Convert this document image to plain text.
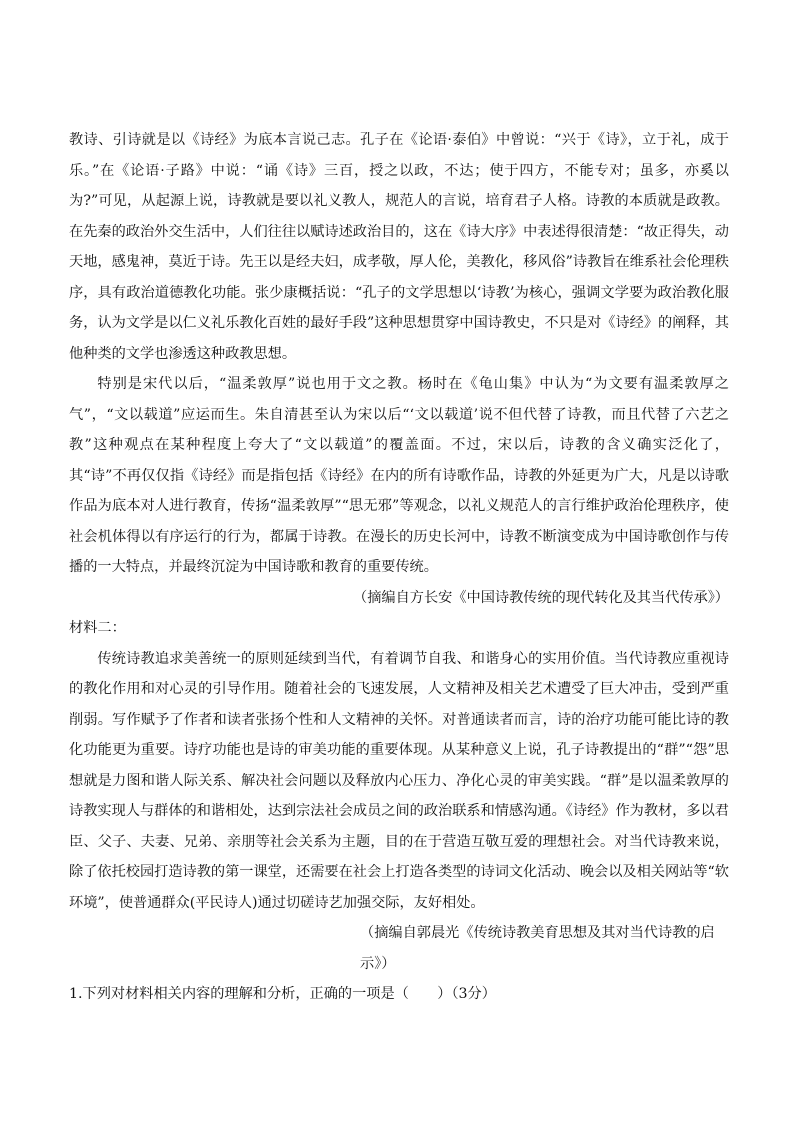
教诗、引诗就是以《诗经》为底本言说己志。孔子在《论语·泰伯》中曾说：“兴于《诗》，立于礼，成于乐。”在《论语·子路》中说：“诵《诗》三百，授之以政，不达；使于四方，不能专对；虽多，亦奚以为?”可见，从起源上说，诗教就是要以礼义教人，规范人的言说，培育君子人格。诗教的本质就是政教。在先秦的政治外交生活中，人们往往以赋诗述政治目的，这在《诗大序》中表述得很清楚：“故正得失，动天地，感鬼神，莫近于诗。先王以是经夫妇，成孝敬，厚人伦，美教化，移风俗”诗教旨在维系社会伦理秩序，具有政治道德教化功能。张少康概括说：“孔子的文学思想以‘诗教’为核心，强调文学要为政治教化服务，认为文学是以仁义礼乐教化百姓的最好手段”这种思想贯穿中国诗教史，不只是对《诗经》的阐释，其他种类的文学也渗透这种政教思想。

特别是宋代以后，“温柔敦厚”说也用于文之教。杨时在《龟山集》中认为“为文要有温柔敦厚之气”，“文以载道”应运而生。朱自清甚至认为宋以后“‘文以载道’说不但代替了诗教，而且代替了六艺之教”这种观点在某种程度上夸大了“文以载道”的覆盖面。不过，宋以后，诗教的含义确实泛化了，其“诗”不再仅仅指《诗经》而是指包括《诗经》在内的所有诗歌作品，诗教的外延更为广大，凡是以诗歌作品为底本对人进行教育，传扬“温柔敦厚”“思无邪”等观念，以礼义规范人的言行维护政治伦理秩序，使社会机体得以有序运行的行为，都属于诗教。在漫长的历史长河中，诗教不断演变成为中国诗歌创作与传播的一大特点，并最终沉淀为中国诗歌和教育的重要传统。

（摘编自方长安《中国诗教传统的现代转化及其当代传承》）

材料二：

传统诗教追求美善统一的原则延续到当代，有着调节自我、和谐身心的实用价值。当代诗教应重视诗的教化作用和对心灵的引导作用。随着社会的飞速发展，人文精神及相关艺术遭受了巨大冲击，受到严重削弱。写作赋予了作者和读者张扬个性和人文精神的关怀。对普通读者而言，诗的治疗功能可能比诗的教化功能更为重要。诗疗功能也是诗的审美功能的重要体现。从某种意义上说，孔子诗教提出的“群”“怨”思想就是力图和谐人际关系、解决社会问题以及释放内心压力、净化心灵的审美实践。“群”是以温柔敦厚的诗教实现人与群体的和谐相处，达到宗法社会成员之间的政治联系和情感沟通。《诗经》作为教材，多以君臣、父子、夫妻、兄弟、亲朋等社会关系为主题，目的在于营造互敬互爱的理想社会。对当代诗教来说，除了依托校园打造诗教的第一课堂，还需要在社会上打造各类型的诗词文化活动、晚会以及相关网站等“软环境”，使普通群众(平民诗人)通过切磋诗艺加强交际，友好相处。

（摘编自郭晨光《传统诗教美育思想及其对当代诗教的启示》）

1.下列对材料相关内容的理解和分析，正确的一项是（　　）（3分）
